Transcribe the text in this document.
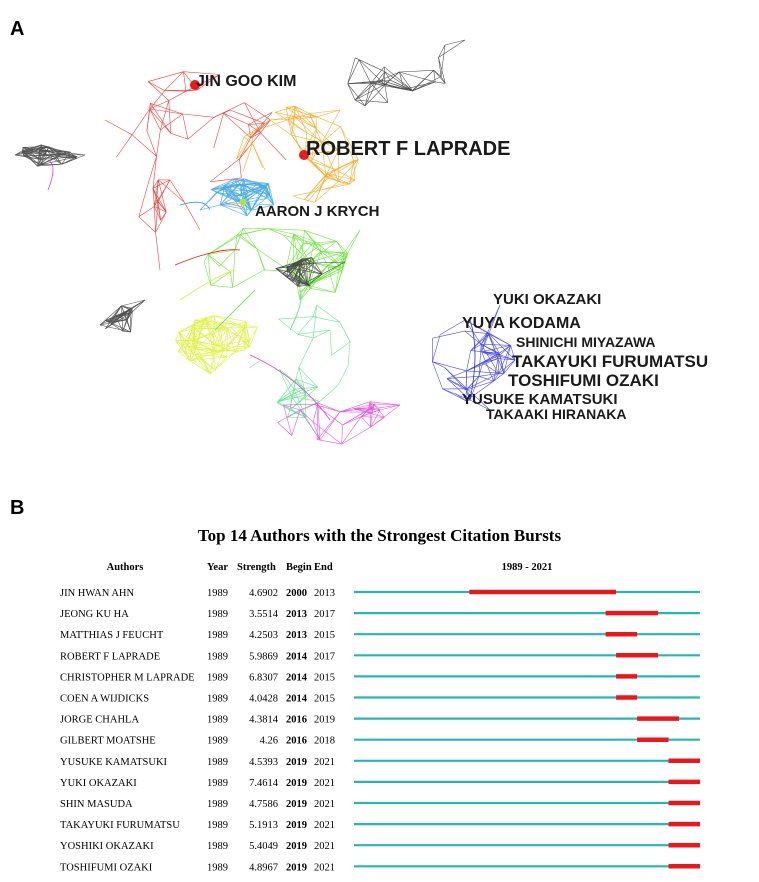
A
JIN GOO KIM
ROBERT F LAPRADE
AARON J KRYCH
YUKI OKAZAKI
YUYA KODAMA
SHINICHI MIYAZAWA
TAKAYUKI FURUMATSU
TOSHIFUMI OZAKI
YUSUKE KAMATSUKI
TAKAAKI HIRANAKA
B
Top 14 Authors with the Strongest Citation Bursts
Authors	Year Strength Begin End	1989 - 2021
JIN HWAN AHN	1989 4.6902 2000 2013
JEONG KU HA	1989 3.5514 2013 2017
MATTHIAS J FEUCHT	1989 4.2503 2013 2015
ROBERT F LAPRADE	1989 5.9869 2014 2017
CHRISTOPHER M LAPRADE 1989 6.8307 2014 2015
COEN A WIJDICKS	1989 4.0428 2014 2015
JORGE CHAHLA	1989 4.3814 2016 2019
GILBERT MOATSHE	1989	4.26 2016 2018
YUSUKE KAMATSUKI	1989 4.5393 2019 2021
YUKI OKAZAKI	1989 7.4614 2019 2021
SHIN MASUDA	1989 4.7586 2019 2021
TAKAYUKI FURUMATSU	1989 5.1913 2019 2021
YOSHIKI OKAZAKI	1989 5.4049 2019 2021
TOSHIFUMI OZAKI	1989 4.8967 2019 2021
